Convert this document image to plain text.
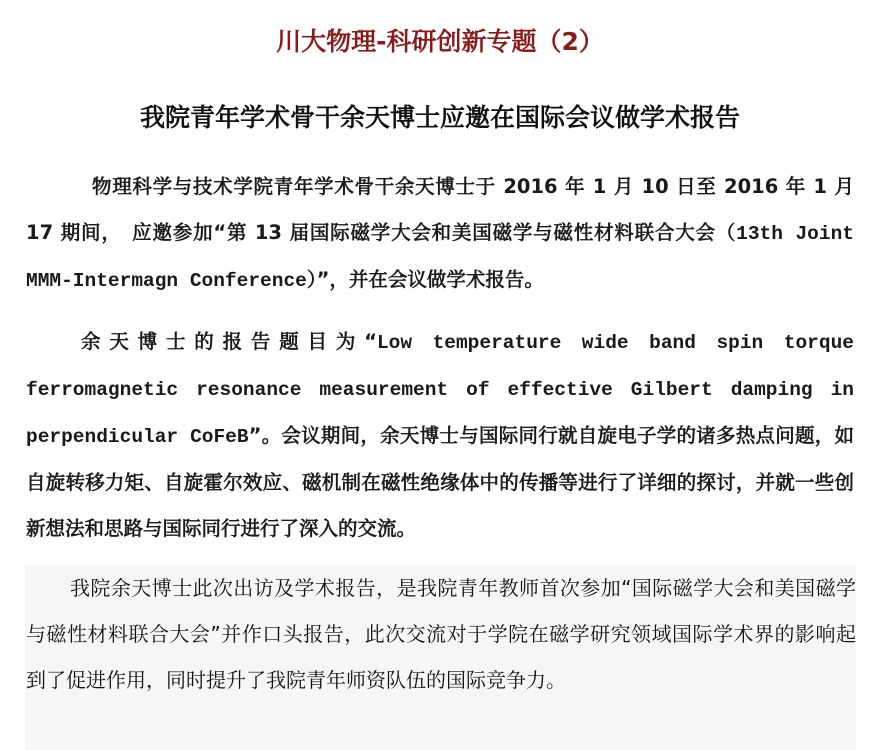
川大物理-科研创新专题（2）
我院青年学术骨干余天博士应邀在国际会议做学术报告
物理科学与技术学院青年学术骨干余天博士于 2016 年 1 月 10 日至 2016 年 1 月 17 期间，　应邀参加“第 13 届国际磁学大会和美国磁学与磁性材料联合大会（13th Joint MMM-Intermagn Conference）”，并在会议做学术报告。
余天博士的报告题目为“Low temperature wide band spin torque ferromagnetic resonance measurement of effective Gilbert damping in perpendicular CoFeB”。会议期间，余天博士与国际同行就自旋电子学的诸多热点问题，如自旋转移力矩、自旋霍尔效应、磁机制在磁性绝缘体中的传播等进行了详细的探讨，并就一些创新想法和思路与国际同行进行了深入的交流。
我院余天博士此次出访及学术报告，是我院青年教师首次参加“国际磁学大会和美国磁学与磁性材料联合大会”并作口头报告，此次交流对于学院在磁学研究领域国际学术界的影响起到了促进作用，同时提升了我院青年师资队伍的国际竞争力。
